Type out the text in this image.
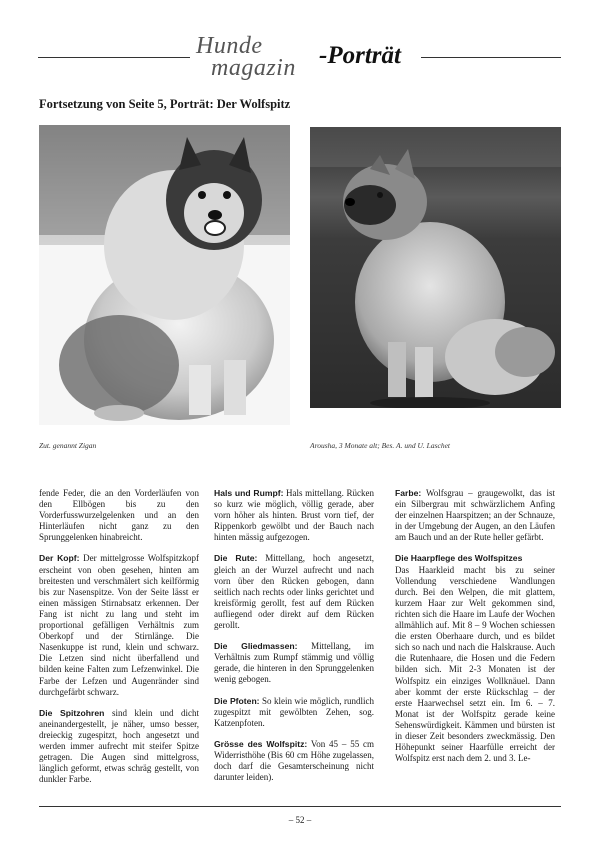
Hunde
magazin -Porträt
Fortsetzung von Seite 5, Porträt: Der Wolfspitz
Zut. genannt Zigan	Arousha, 3 Monate alt; Bes. A. und U. Laschet

fende Feder, die an den Vorderläufen von den Ellbögen bis zu den Vorderfusswurzelgelenken und an den Hinterläufen nicht ganz zu den Sprunggelenken hinabreicht.

Der Kopf: Der mittelgrosse Wolfspitzkopf erscheint von oben gesehen, hinten am breitesten und verschmälert sich keilförmig bis zur Nasenspitze. Von der Seite lässt er einen mässigen Stirnabsatz erkennen. Der Fang ist nicht zu lang und steht im proportional gefälligen Verhältnis zum Oberkopf und der Stirnlänge. Die Nasenkuppe ist rund, klein und schwarz. Die Letzen sind nicht überfallend und bilden keine Falten zum Lefzenwinkel. Die Farbe der Lefzen und Augenränder sind durchgefärbt schwarz.

Die Spitzohren sind klein und dicht aneinandergestellt, je näher, umso besser, dreieckig zugespitzt, hoch angesetzt und werden immer aufrecht mit steifer Spitze getragen. Die Augen sind mittelgross, länglich geformt, etwas schräg gestellt, von dunkler Farbe.

Hals und Rumpf: Hals mittellang. Rücken so kurz wie möglich, völlig gerade, aber vorn höher als hinten. Brust vorn tief, der Rippenkorb gewölbt und der Bauch nach hinten mässig aufgezogen.

Die Rute: Mittellang, hoch angesetzt, gleich an der Wurzel aufrecht und nach vorn über den Rücken gebogen, dann seitlich nach rechts oder links gerichtet und kreisförmig gerollt, fest auf dem Rücken aufliegend oder direkt auf dem Rücken gerollt.

Die Gliedmassen: Mittellang, im Verhältnis zum Rumpf stämmig und völlig gerade, die hinteren in den Sprunggelenken wenig gebogen.

Die Pfoten: So klein wie möglich, rundlich zugespitzt mit gewölbten Zehen, sog. Katzenpfoten.

Grösse des Wolfspitz: Von 45 – 55 cm Widerristhöhe (Bis 60 cm Höhe zugelassen, doch darf die Gesamterscheinung nicht darunter leiden).

Farbe: Wolfsgrau – graugewolkt, das ist ein Silbergrau mit schwärzlichem Anfing der einzelnen Haarspitzen; an der Schnauze, in der Umgebung der Augen, an den Läufen am Bauch und an der Rute heller gefärbt.

Die Haarpflege des Wolfspitzes
Das Haarkleid macht bis zu seiner Vollendung verschiedene Wandlungen durch. Bei den Welpen, die mit glattem, kurzem Haar zur Welt gekommen sind, richten sich die Haare im Laufe der Wochen allmählich auf. Mit 8 – 9 Wochen schiessen die ersten Oberhaare durch, und es bildet sich so nach und nach die Halskrause. Auch die Rutenhaare, die Hosen und die Federn bilden sich. Mit 2-3 Monaten ist der Wolfspitz ein einziges Wollknäuel. Dann aber kommt der erste Rückschlag – der erste Haarwechsel setzt ein. Im 6. – 7. Monat ist der Wolfspitz gerade keine Sehenswürdigkeit. Kämmen und bürsten ist in dieser Zeit besonders zweckmässig. Den Höhepunkt seiner Haarfülle erreicht der Wolfspitz erst nach dem 2. und 3. Le-

– 52 –
